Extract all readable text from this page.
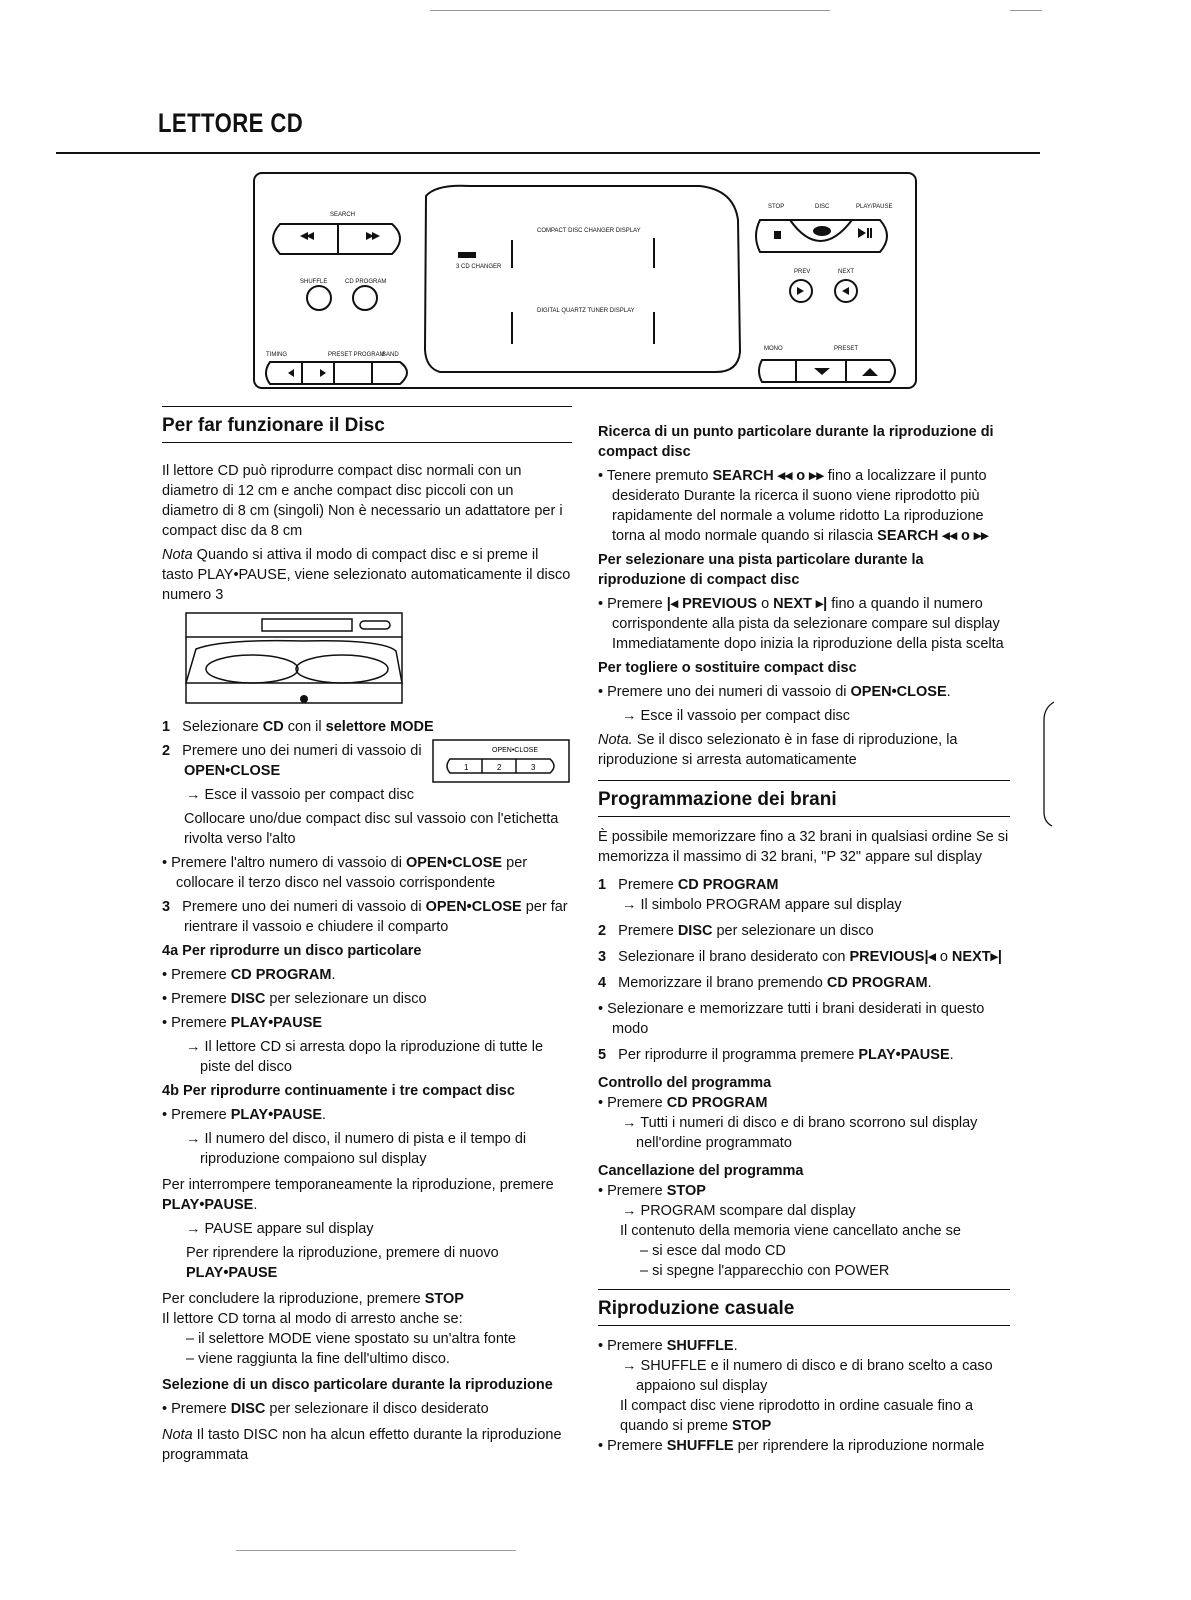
LETTORE CD
SEARCH
SHUFFLE	CD PROGRAM
TIMING	PRESET PROGRAM
BAND
COMPACT DISC CHANGER DISPLAY
3 CD CHANGER
DIGITAL QUARTZ TUNER DISPLAY
STOP	DISC	PLAY/PAUSE
PREV	NEXT
MONO	PRESET
Per far funzionare il Disc

Il lettore CD può riprodurre compact disc normali con un diametro di 12 cm e anche compact disc piccoli con un diametro di 8 cm (singoli) Non è necessario un adattatore per i compact disc da 8 cm

Nota Quando si attiva il modo di compact disc e si preme il tasto PLAY•PAUSE, viene selezionato automaticamente il disco numero 3

1 Selezionare CD con il selettore MODE

2 Premere uno dei numeri di vassoio di OPEN•CLOSE

OPEN•CLOSE
1	2	3

→ Esce il vassoio per compact disc

Collocare uno/due compact disc sul vassoio con l'etichetta rivolta verso l'alto

• Premere l'altro numero di vassoio di OPEN•CLOSE per collocare il terzo disco nel vassoio corrispondente

3 Premere uno dei numeri di vassoio di OPEN•CLOSE per far rientrare il vassoio e chiudere il comparto

4a Per riprodurre un disco particolare

• Premere CD PROGRAM.

• Premere DISC per selezionare un disco

• Premere PLAY•PAUSE

→ Il lettore CD si arresta dopo la riproduzione di tutte le piste del disco

4b Per riprodurre continuamente i tre compact disc

• Premere PLAY•PAUSE.

→ Il numero del disco, il numero di pista e il tempo di riproduzione compaiono sul display

Per interrompere temporaneamente la riproduzione, premere PLAY•PAUSE.

→ PAUSE appare sul display

Per riprendere la riproduzione, premere di nuovo PLAY•PAUSE

Per concludere la riproduzione, premere STOP

Il lettore CD torna al modo di arresto anche se:

– il selettore MODE viene spostato su un'altra fonte

– viene raggiunta la fine dell'ultimo disco.

Selezione di un disco particolare durante la riproduzione

• Premere DISC per selezionare il disco desiderato

Nota Il tasto DISC non ha alcun effetto durante la riproduzione programmata

Ricerca di un punto particolare durante la riproduzione di compact disc

• Tenere premuto SEARCH ◂◂ o ▸▸ fino a localizzare il punto desiderato Durante la ricerca il suono viene riprodotto più rapidamente del normale a volume ridotto La riproduzione torna al modo normale quando si rilascia SEARCH ◂◂ o ▸▸

Per selezionare una pista particolare durante la riproduzione di compact disc

• Premere |◂ PREVIOUS o NEXT ▸| fino a quando il numero corrispondente alla pista da selezionare compare sul display Immediatamente dopo inizia la riproduzione della pista scelta

Per togliere o sostituire compact disc

• Premere uno dei numeri di vassoio di OPEN•CLOSE.

→ Esce il vassoio per compact disc

Nota. Se il disco selezionato è in fase di riproduzione, la riproduzione si arresta automaticamente

Programmazione dei brani

È possibile memorizzare fino a 32 brani in qualsiasi ordine Se si memorizza il massimo di 32 brani, "P 32" appare sul display

1 Premere CD PROGRAM

→ Il simbolo PROGRAM appare sul display

2 Premere DISC per selezionare un disco

3 Selezionare il brano desiderato con PREVIOUS|◂ o NEXT▸|

4 Memorizzare il brano premendo CD PROGRAM.

• Selezionare e memorizzare tutti i brani desiderati in questo modo

5 Per riprodurre il programma premere PLAY•PAUSE.

Controllo del programma

• Premere CD PROGRAM

→ Tutti i numeri di disco e di brano scorrono sul display nell'ordine programmato

Cancellazione del programma

• Premere STOP

→ PROGRAM scompare dal display

Il contenuto della memoria viene cancellato anche se

– si esce dal modo CD

– si spegne l'apparecchio con POWER

Riproduzione casuale

• Premere SHUFFLE.

→ SHUFFLE e il numero di disco e di brano scelto a caso appaiono sul display

Il compact disc viene riprodotto in ordine casuale fino a quando si preme STOP

• Premere SHUFFLE per riprendere la riproduzione normale
